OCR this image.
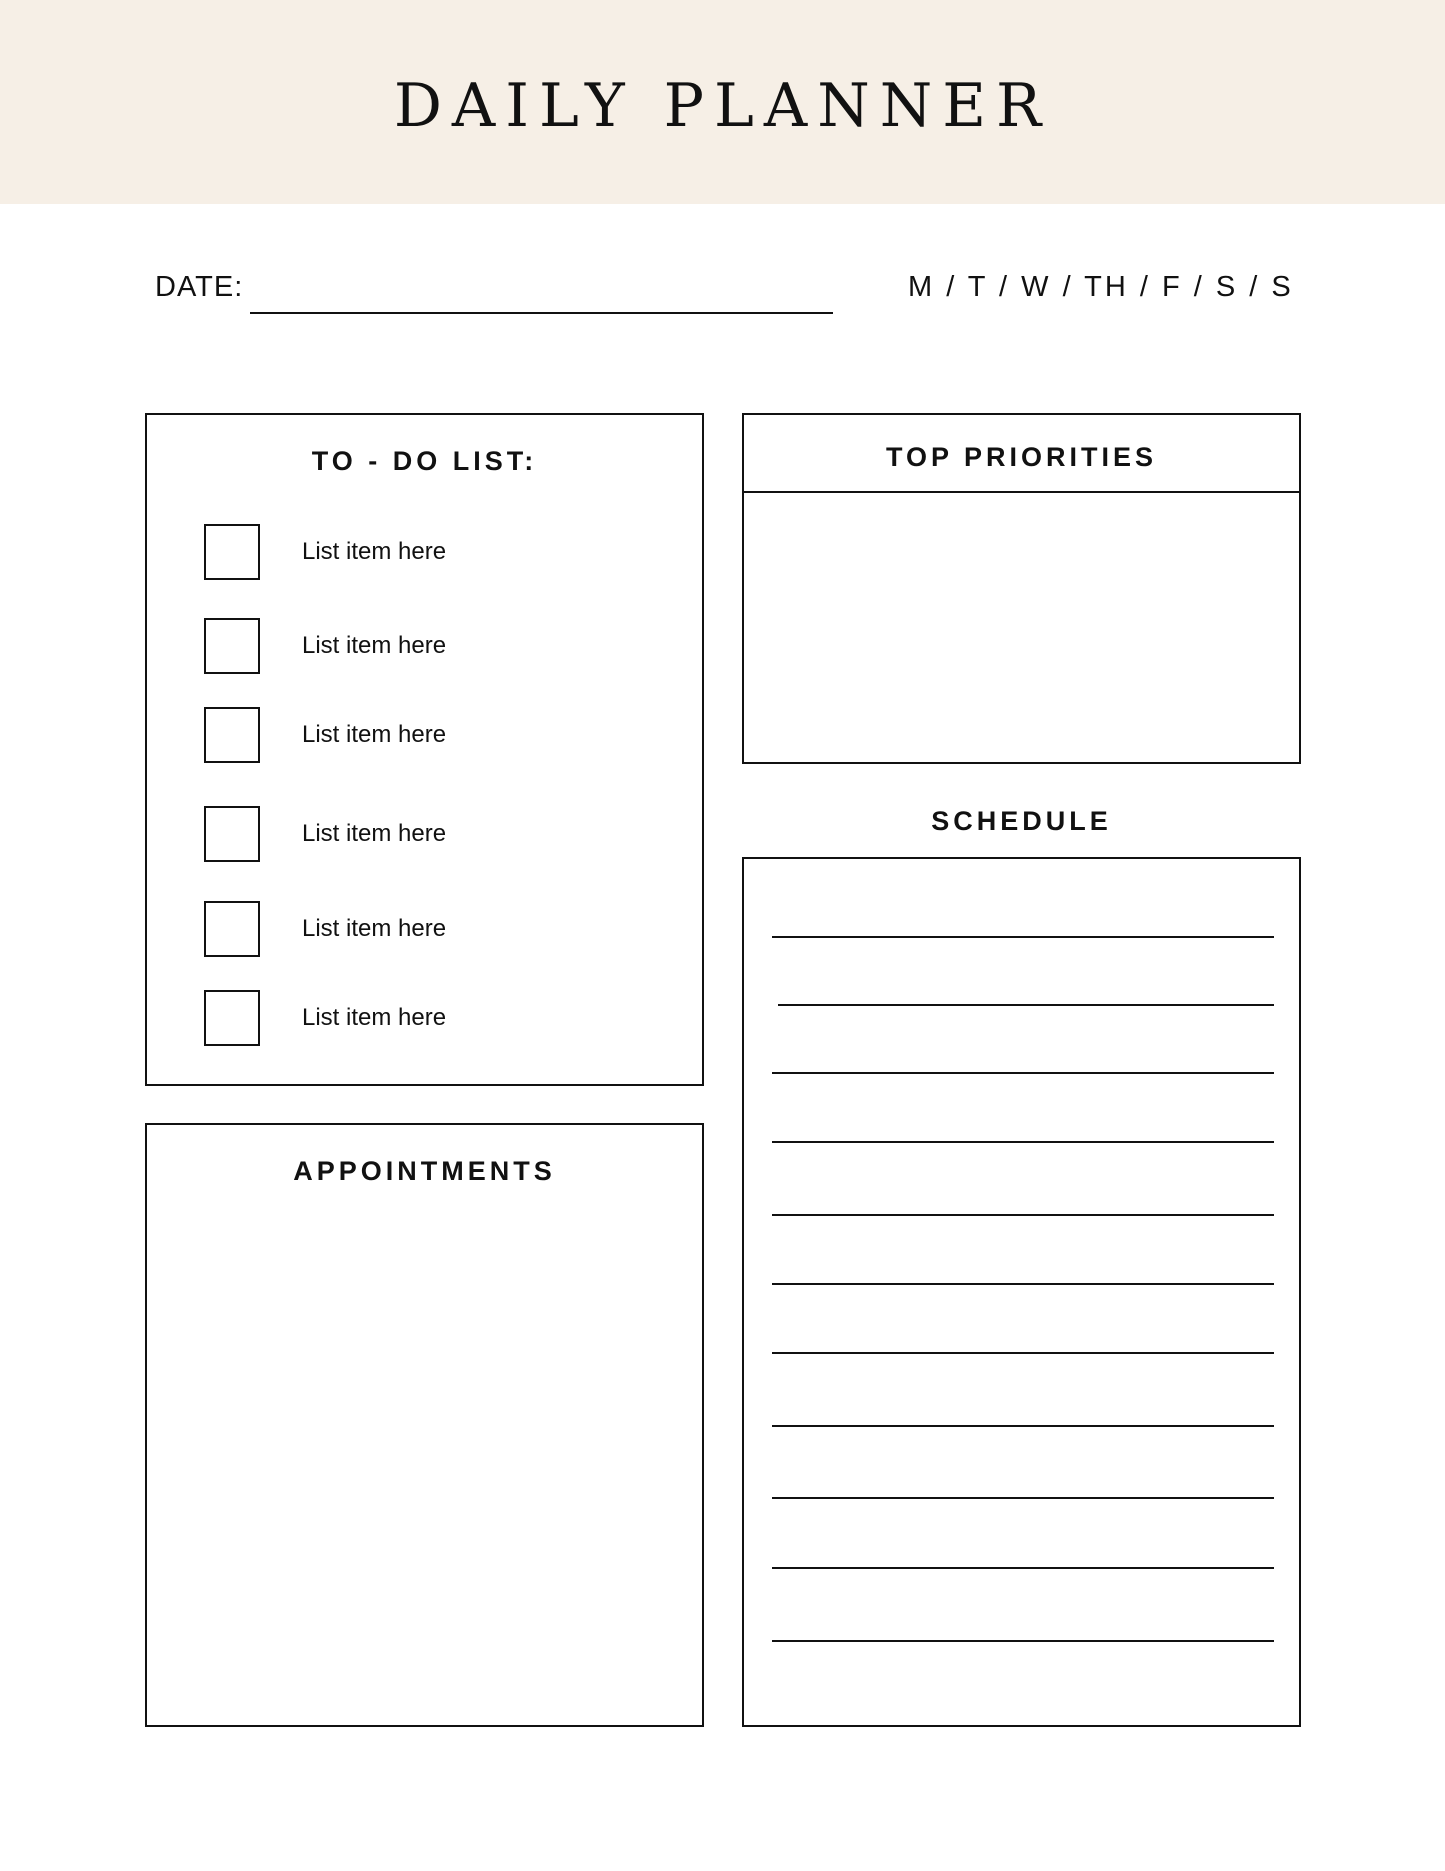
DAILY PLANNER
DATE:	M / T / W / TH / F / S / S
TO - DO LIST:
List item here
List item here
List item here
List item here
List item here
List item here
TOP PRIORITIES
SCHEDULE
APPOINTMENTS
